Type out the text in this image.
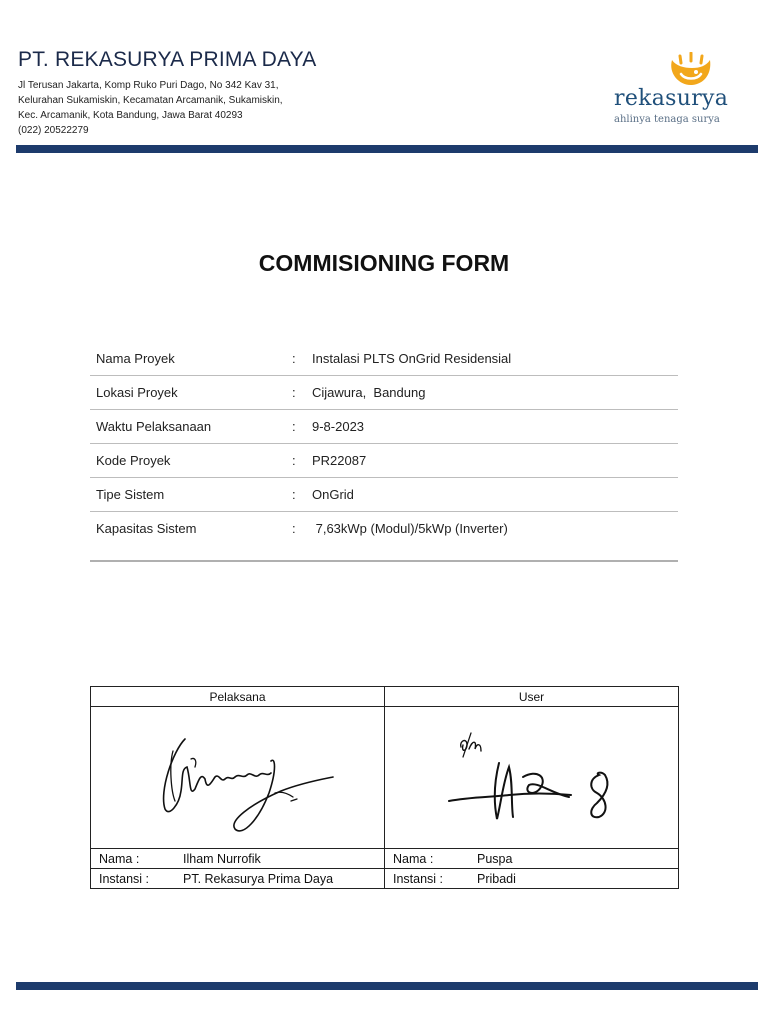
PT. REKASURYA PRIMA DAYA
Jl Terusan Jakarta, Komp Ruko Puri Dago, No 342 Kav 31,
Kelurahan Sukamiskin, Kecamatan Arcamanik, Sukamiskin,
Kec. Arcamanik, Kota Bandung, Jawa Barat 40293
(022) 20522279
rekasurya
ahlinya tenaga surya
COMMISIONING FORM
Nama Proyek	: Instalasi PLTS OnGrid Residensial
Lokasi Proyek	: Cijawura,  Bandung
Waktu Pelaksanaan	: 9-8-2023
Kode Proyek	: PR22087
Tipe Sistem	: OnGrid
Kapasitas Sistem	: 7,63kWp (Modul)/5kWp (Inverter)
Pelaksana	User

Nama : Ilham Nurrofik	Nama : Puspa
Instansi : PT. Rekasurya Prima Daya	Instansi : Pribadi
